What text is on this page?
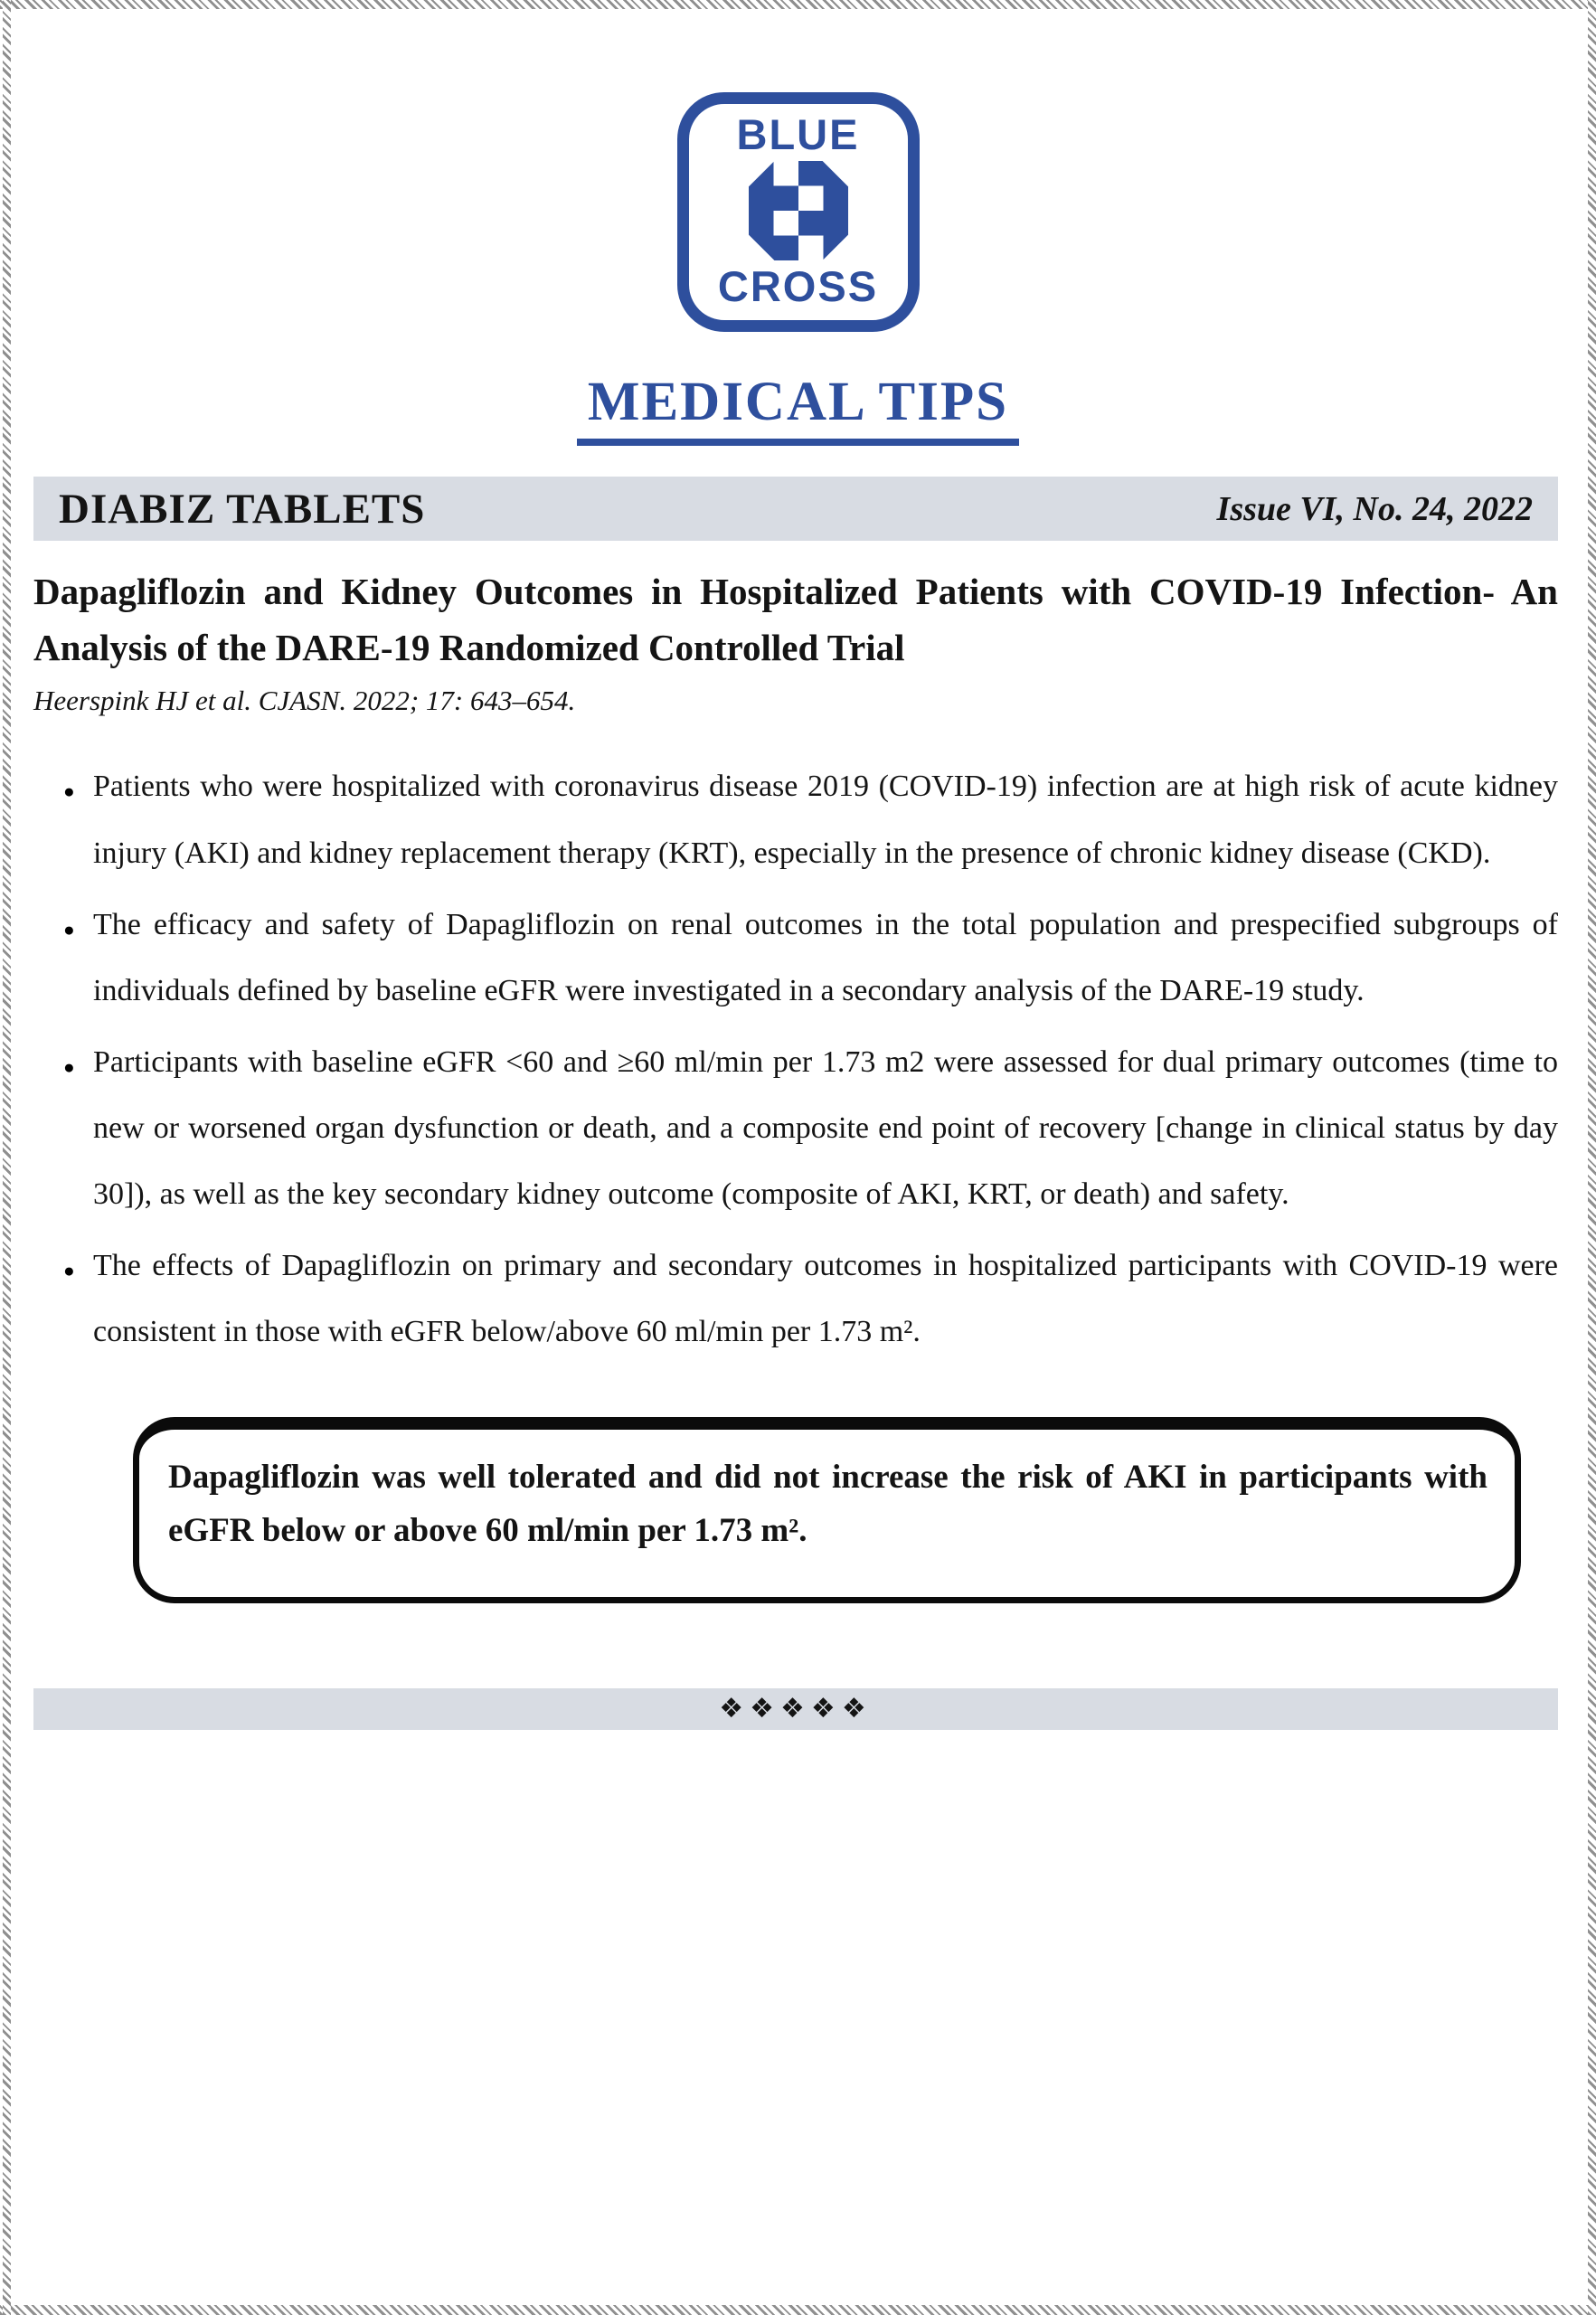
BLUE
CROSS
MEDICAL TIPS
DIABIZ TABLETS	Issue VI, No. 24, 2022
Dapagliflozin and Kidney Outcomes in Hospitalized Patients with COVID-19 Infection- An Analysis of the DARE-19 Randomized Controlled Trial

Heerspink HJ et al. CJASN. 2022; 17: 643–654.

● Patients who were hospitalized with coronavirus disease 2019 (COVID-19) infection are at high risk of acute kidney injury (AKI) and kidney replacement therapy (KRT), especially in the presence of chronic kidney disease (CKD).
● The efficacy and safety of Dapagliflozin on renal outcomes in the total population and prespecified subgroups of individuals defined by baseline eGFR were investigated in a secondary analysis of the DARE-19 study.
● Participants with baseline eGFR <60 and ≥60 ml/min per 1.73 m2 were assessed for dual primary outcomes (time to new or worsened organ dysfunction or death, and a composite end point of recovery [change in clinical status by day 30]), as well as the key secondary kidney outcome (composite of AKI, KRT, or death) and safety.
● The effects of Dapagliflozin on primary and secondary outcomes in hospitalized participants with COVID-19 were consistent in those with eGFR below/above 60 ml/min per 1.73 m².

Dapagliflozin was well tolerated and did not increase the risk of AKI in participants with eGFR below or above 60 ml/min per 1.73 m².

❖❖❖❖❖
